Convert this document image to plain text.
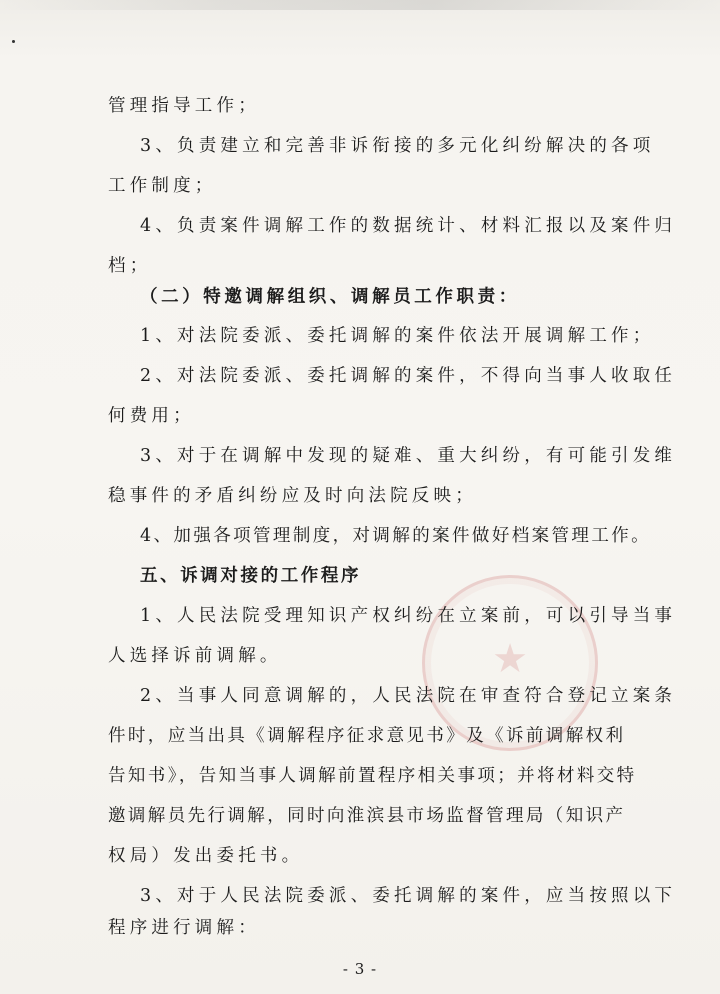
★
管理指导工作；
3、负责建立和完善非诉衔接的多元化纠纷解决的各项
工作制度；
4、负责案件调解工作的数据统计、材料汇报以及案件归
档；
（二）特邀调解组织、调解员工作职责：
1、对法院委派、委托调解的案件依法开展调解工作；
2、对法院委派、委托调解的案件，不得向当事人收取任
何费用；
3、对于在调解中发现的疑难、重大纠纷，有可能引发维
稳事件的矛盾纠纷应及时向法院反映；
4、加强各项管理制度，对调解的案件做好档案管理工作。
五、诉调对接的工作程序
1、人民法院受理知识产权纠纷在立案前，可以引导当事
人选择诉前调解。
2、当事人同意调解的，人民法院在审查符合登记立案条
件时，应当出具《调解程序征求意见书》及《诉前调解权利
告知书》，告知当事人调解前置程序相关事项；并将材料交特
邀调解员先行调解，同时向淮滨县市场监督管理局（知识产
权局）发出委托书。
3、对于人民法院委派、委托调解的案件，应当按照以下
程序进行调解：
- 3 -
